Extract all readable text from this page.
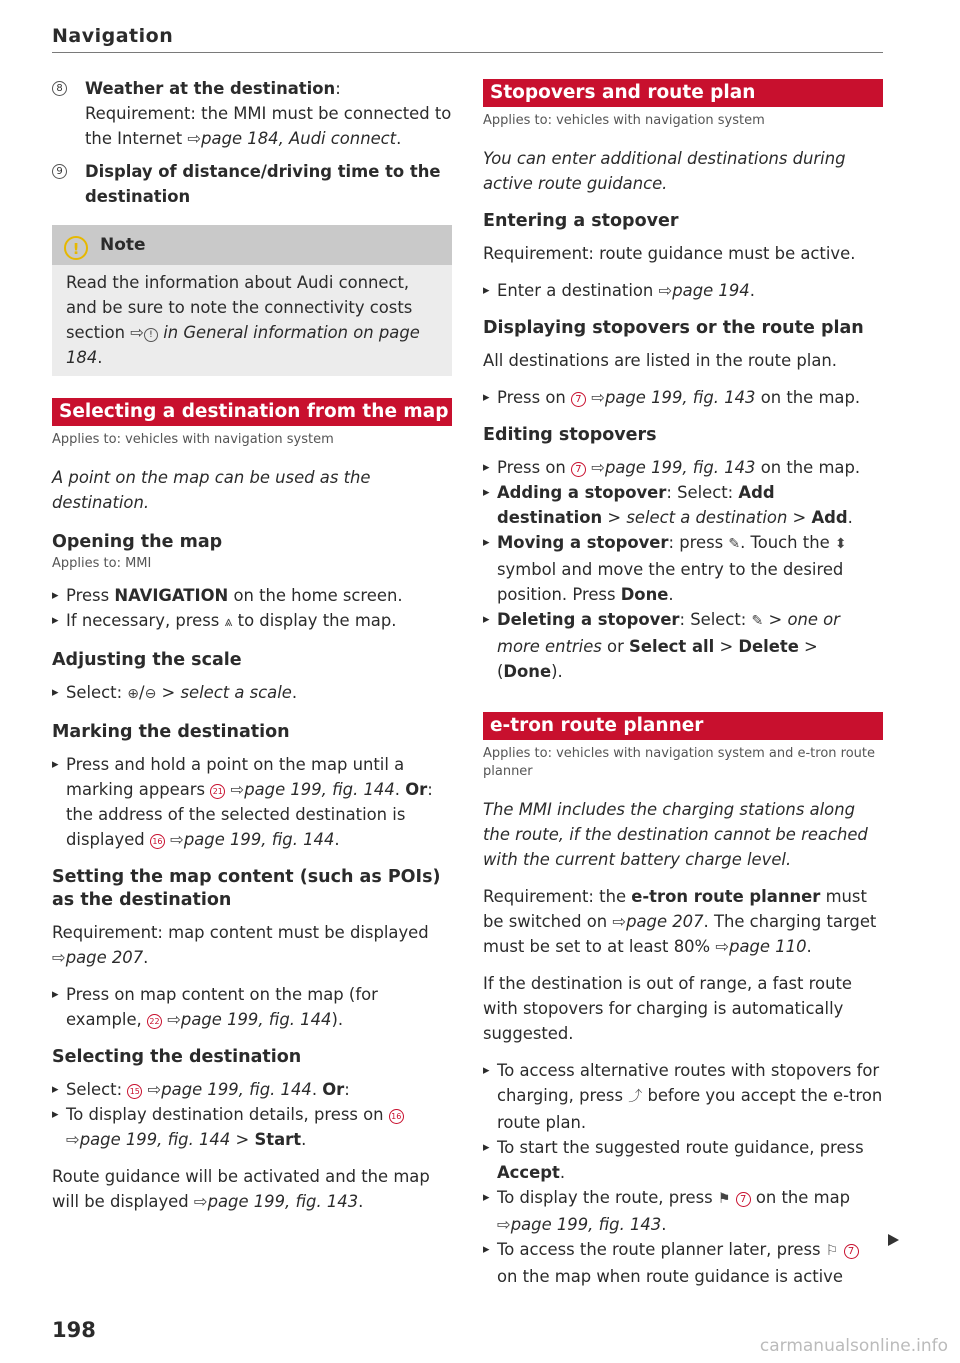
Navigation

8 Weather at the destination: Requirement: the MMI must be connected to the Internet ⇨page 184, Audi connect.

9 Display of distance/driving time to the destination

! Note
Read the information about Audi connect, and be sure to note the connectivity costs section ⇨ ! in General information on page 184.
Selecting a destination from the map
Applies to: vehicles with navigation system

A point on the map can be used as the destination.

Opening the map
Applies to: MMI

▸ Press NAVIGATION on the home screen.

▸ If necessary, press ⩓ to display the map.

Adjusting the scale

▸ Select: ⊕/⊖ > select a scale.

Marking the destination

▸ Press and hold a point on the map until a marking appears 21 ⇨page 199, fig. 144. Or: the address of the selected destination is displayed 16 ⇨page 199, fig. 144.

Setting the map content (such as POIs) as the destination

Requirement: map content must be displayed ⇨page 207.

▸ Press on map content on the map (for example, 22 ⇨page 199, fig. 144).

Selecting the destination

▸ Select: 15 ⇨page 199, fig. 144. Or:

▸ To display destination details, press on 16 ⇨page 199, fig. 144 > Start.

Route guidance will be activated and the map will be displayed ⇨page 199, fig. 143.

Stopovers and route plan
Applies to: vehicles with navigation system

You can enter additional destinations during active route guidance.

Entering a stopover

Requirement: route guidance must be active.

▸ Enter a destination ⇨page 194.

Displaying stopovers or the route plan

All destinations are listed in the route plan.

▸ Press on 7 ⇨page 199, fig. 143 on the map.

Editing stopovers

▸ Press on 7 ⇨page 199, fig. 143 on the map.

▸ Adding a stopover: Select: Add destination > select a destination > Add.

▸ Moving a stopover: press ✎. Touch the ⬍ symbol and move the entry to the desired position. Press Done.

▸ Deleting a stopover: Select: ✎ > one or more entries or Select all > Delete > (Done).

e-tron route planner
Applies to: vehicles with navigation system and e-tron route planner

The MMI includes the charging stations along the route, if the destination cannot be reached with the current battery charge level.

Requirement: the e-tron route planner must be switched on ⇨page 207. The charging target must be set to at least 80% ⇨page 110.

If the destination is out of range, a fast route with stopovers for charging is automatically suggested.

▸ To access alternative routes with stopovers for charging, press ⤴ before you accept the e-tron route plan.

▸ To start the suggested route guidance, press Accept.

▸ To display the route, press ⚑ 7 on the map ⇨page 199, fig. 143.

▸ To access the route planner later, press ⚐ 7 on the map when route guidance is active

198
carmanualsonline.info
